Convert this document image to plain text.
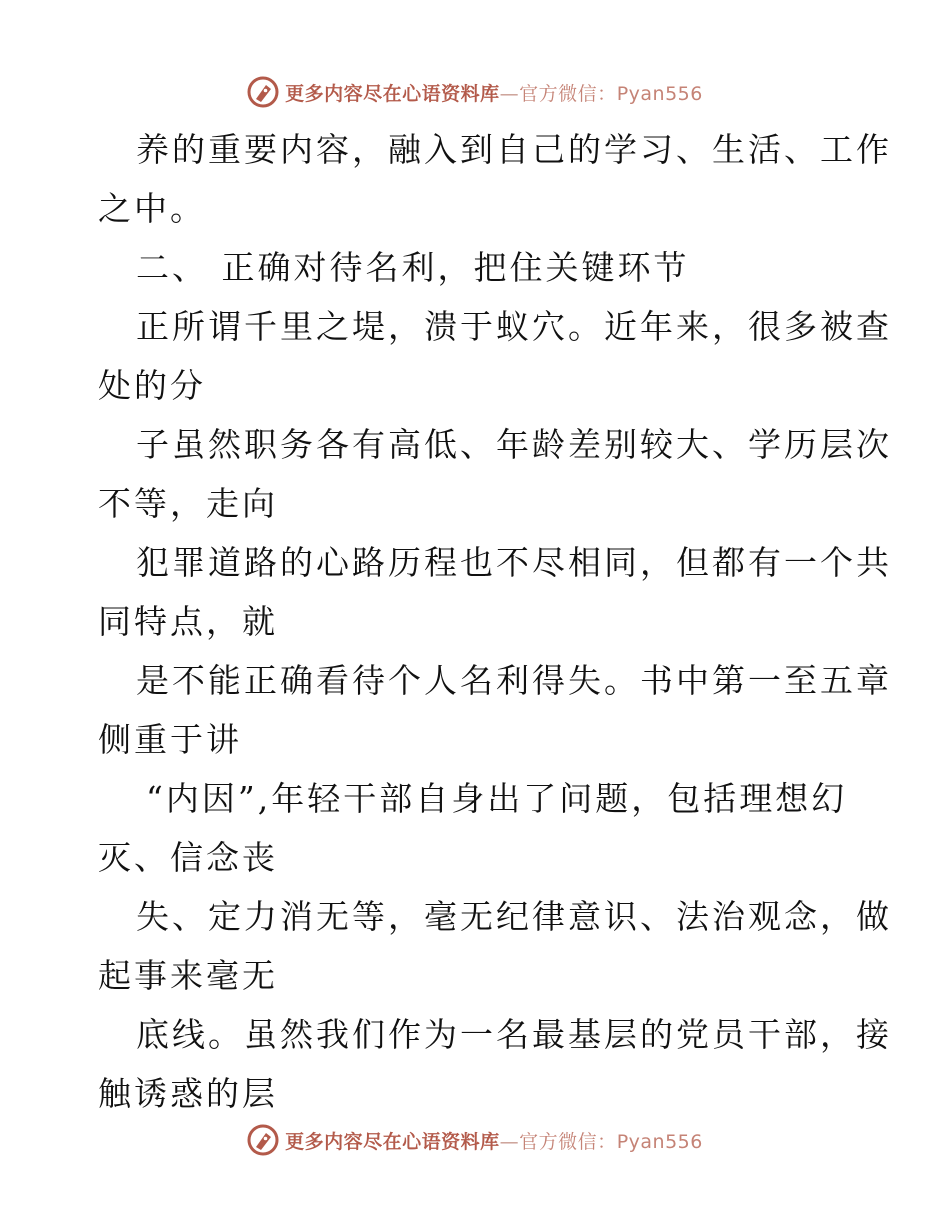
更多内容尽在心语资料库—官方微信：Pyan556
养的重要内容，融入到自己的学习、生活、工作
之中。
二、 正确对待名利，把住关键环节
正所谓千里之堤，溃于蚁穴。近年来，很多被查
处的分
子虽然职务各有高低、年龄差别较大、学历层次
不等，走向
犯罪道路的心路历程也不尽相同，但都有一个共
同特点，就
是不能正确看待个人名利得失。书中第一至五章
侧重于讲
“内因”,年轻干部自身出了问题，包括理想幻
灭、信念丧
失、定力消无等，毫无纪律意识、法治观念，做
起事来毫无
底线。虽然我们作为一名最基层的党员干部，接
触诱惑的层
更多内容尽在心语资料库—官方微信：Pyan556
